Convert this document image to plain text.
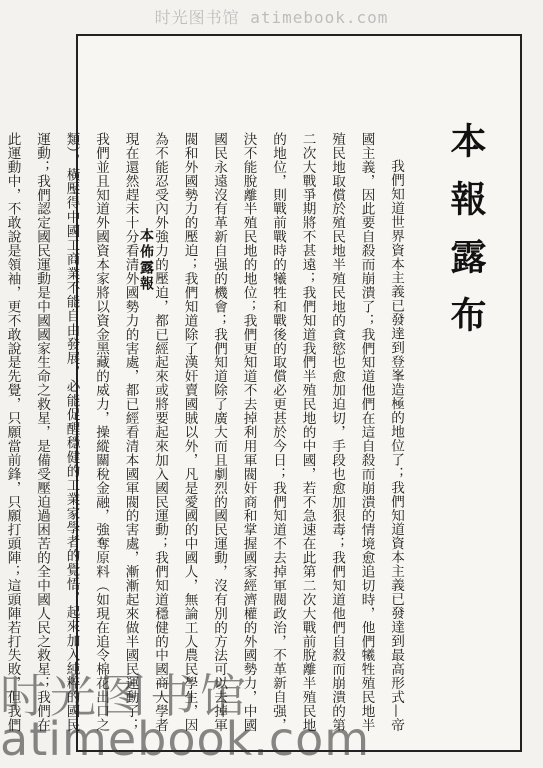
时光图书馆 atimebook.com
本報露布

我們知道世界資本主義已發達到登峯造極的地位了；我們知道資本主義已發達到最高形式—帝國主義，因此要自殺而崩潰了；我們知道他們在這自殺而崩潰的情境愈追切時，他們犧牲殖民地半殖民地取償於殖民地半殖民地的貪慾也愈加迫切，手段也愈加狠毒；我們知道他們自殺而崩潰的第二次大戰爭期將不甚遠；我們知道我們半殖民地的中國，若不急速在此第二次大戰前脫離半殖民地的地位，則戰前戰時的犧牲和戰後的取償必更甚於今日；我們知道不去掉軍閥政治，不革新自强，決不能脫離半殖民地的地位；我們更知道不去掉利用軍閥奸商和掌握國家經濟權的外國勢力，中國國民永遠沒有革新自强的機會；我們知道除了廣大而且劇烈的國民運動，沒有別的方法可以去掉軍閥和外國勢力的壓迫；我們知道除了漢奸賣國賊以外，凡是愛國的中國人，無論工人農民學生，因為不能忍受內外強力的壓迫，都已經起來或將要起來加入國民運動；我們知道穩健的中國商人學者現在還然趕未十分看清外國勢力的害處，都已經看清本國軍閥的害處，漸漸起來做半國民運動了；我們並且知道外國資本家將以資金黑藏的威力，操縱關稅金融，強奪原料（如現在追令棉花出口之類），橫壓得中國工商業不能自由發展，必能促醒穩健的工業家學者的覺悟，起來加入純粹的國民運動；我們認定國民運動是中國國家生命之救星，是備受壓迫過困苦的全中國人民之救星；我們在此運動中，不敢說是領袖，更不敢說是先覺，只願當前鋒，只願打頭陣；這頭陣若打失敗，但我們

本佈露報
时光图书馆
atimebook.com
